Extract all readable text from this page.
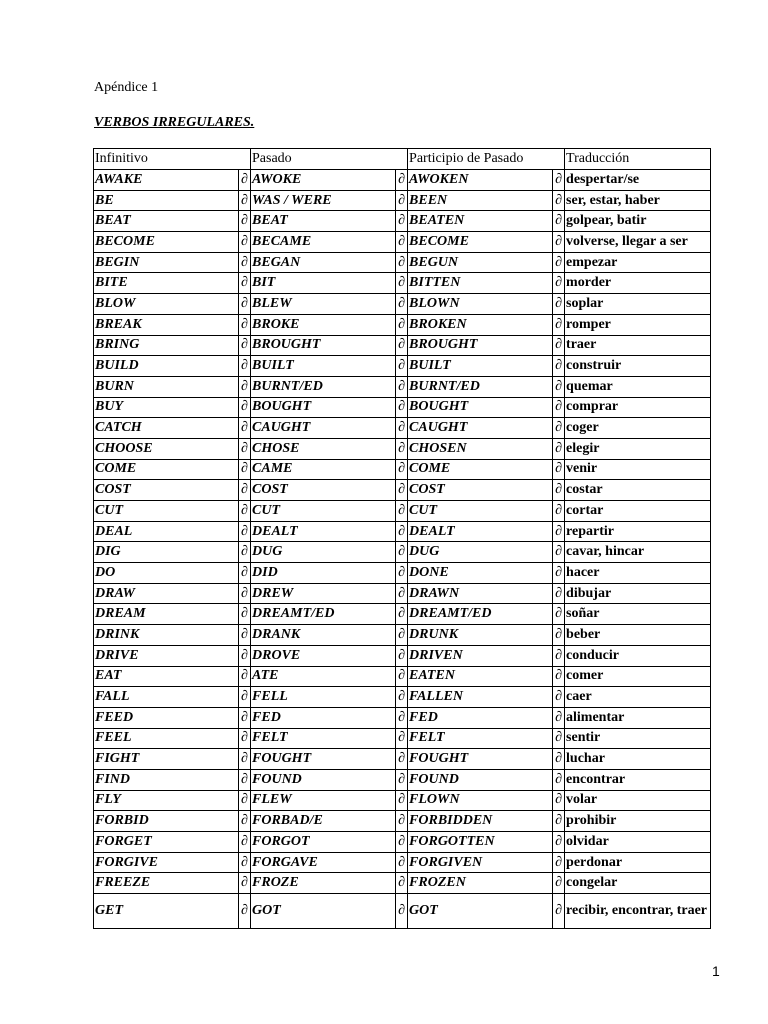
Apéndice 1
VERBOS IRREGULARES.
Infinitivo		Pasado		Participio de Pasado		Traducción
AWAKE	∂	AWOKE	∂	AWOKEN	∂	despertar/se
BE	∂	WAS / WERE	∂	BEEN	∂	ser, estar, haber
BEAT	∂	BEAT	∂	BEATEN	∂	golpear, batir
BECOME	∂	BECAME	∂	BECOME	∂	volverse, llegar a ser
BEGIN	∂	BEGAN	∂	BEGUN	∂	empezar
BITE	∂	BIT	∂	BITTEN	∂	morder
BLOW	∂	BLEW	∂	BLOWN	∂	soplar
BREAK	∂	BROKE	∂	BROKEN	∂	romper
BRING	∂	BROUGHT	∂	BROUGHT	∂	traer
BUILD	∂	BUILT	∂	BUILT	∂	construir
BURN	∂	BURNT/ED	∂	BURNT/ED	∂	quemar
BUY	∂	BOUGHT	∂	BOUGHT	∂	comprar
CATCH	∂	CAUGHT	∂	CAUGHT	∂	coger
CHOOSE	∂	CHOSE	∂	CHOSEN	∂	elegir
COME	∂	CAME	∂	COME	∂	venir
COST	∂	COST	∂	COST	∂	costar
CUT	∂	CUT	∂	CUT	∂	cortar
DEAL	∂	DEALT	∂	DEALT	∂	repartir
DIG	∂	DUG	∂	DUG	∂	cavar, hincar
DO	∂	DID	∂	DONE	∂	hacer
DRAW	∂	DREW	∂	DRAWN	∂	dibujar
DREAM	∂	DREAMT/ED	∂	DREAMT/ED	∂	soñar
DRINK	∂	DRANK	∂	DRUNK	∂	beber
DRIVE	∂	DROVE	∂	DRIVEN	∂	conducir
EAT	∂	ATE	∂	EATEN	∂	comer
FALL	∂	FELL	∂	FALLEN	∂	caer
FEED	∂	FED	∂	FED	∂	alimentar
FEEL	∂	FELT	∂	FELT	∂	sentir
FIGHT	∂	FOUGHT	∂	FOUGHT	∂	luchar
FIND	∂	FOUND	∂	FOUND	∂	encontrar
FLY	∂	FLEW	∂	FLOWN	∂	volar
FORBID	∂	FORBAD/E	∂	FORBIDDEN	∂	prohibir
FORGET	∂	FORGOT	∂	FORGOTTEN	∂	olvidar
FORGIVE	∂	FORGAVE	∂	FORGIVEN	∂	perdonar
FREEZE	∂	FROZE	∂	FROZEN	∂	congelar
GET	∂	GOT	∂	GOT	∂	recibir, encontrar, traer
1
